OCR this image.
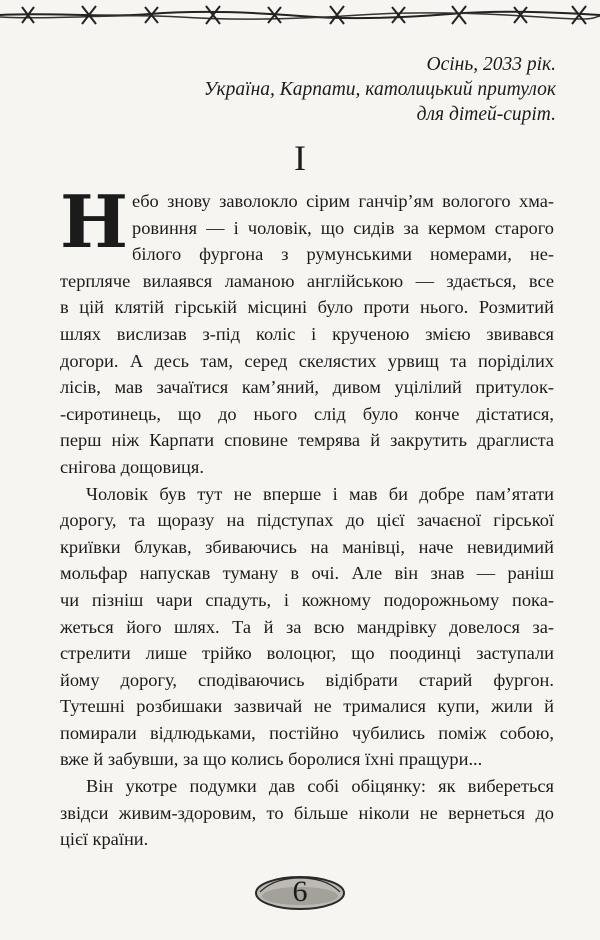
Осінь, 2033 рік.
Україна, Карпати, католицький притулок
для дітей-сиріт.
I
Н ебо знову заволокло сірим ганчір’ям вологого хма-
ровиння — і чоловік, що сидів за кермом старого
білого фургона з румунськими номерами, не-
терпляче вилаявся ламаною англійською — здається, все
в цій клятій гірській місцині було проти нього. Розмитий
шлях вислизав з-під коліс і крученою змією звивався
догори. А десь там, серед скелястих урвищ та поріділих
лісів, мав зачаїтися кам’яний, дивом уцілілий притулок-
-сиротинець, що до нього слід було конче дістатися,
перш ніж Карпати сповине темрява й закрутить драглиста
снігова дощовиця.
Чоловік був тут не вперше і мав би добре пам’ятати
дорогу, та щоразу на підступах до цієї зачаєної гірської
криївки блукав, збиваючись на манівці, наче невидимий
мольфар напускав туману в очі. Але він знав — раніш
чи пізніш чари спадуть, і кожному подорожньому пока-
жеться його шлях. Та й за всю мандрівку довелося за-
стрелити лише трійко волоцюг, що поодинці заступали
йому дорогу, сподіваючись відібрати старий фургон.
Тутешні розбишаки зазвичай не трималися купи, жили й
помирали відлюдьками, постійно чубились поміж собою,
вже й забувши, за що колись боролися їхні пращури...
Він укотре подумки дав собі обіцянку: як вибереться
звідси живим-здоровим, то більше ніколи не вернеться до
цієї країни.
6
